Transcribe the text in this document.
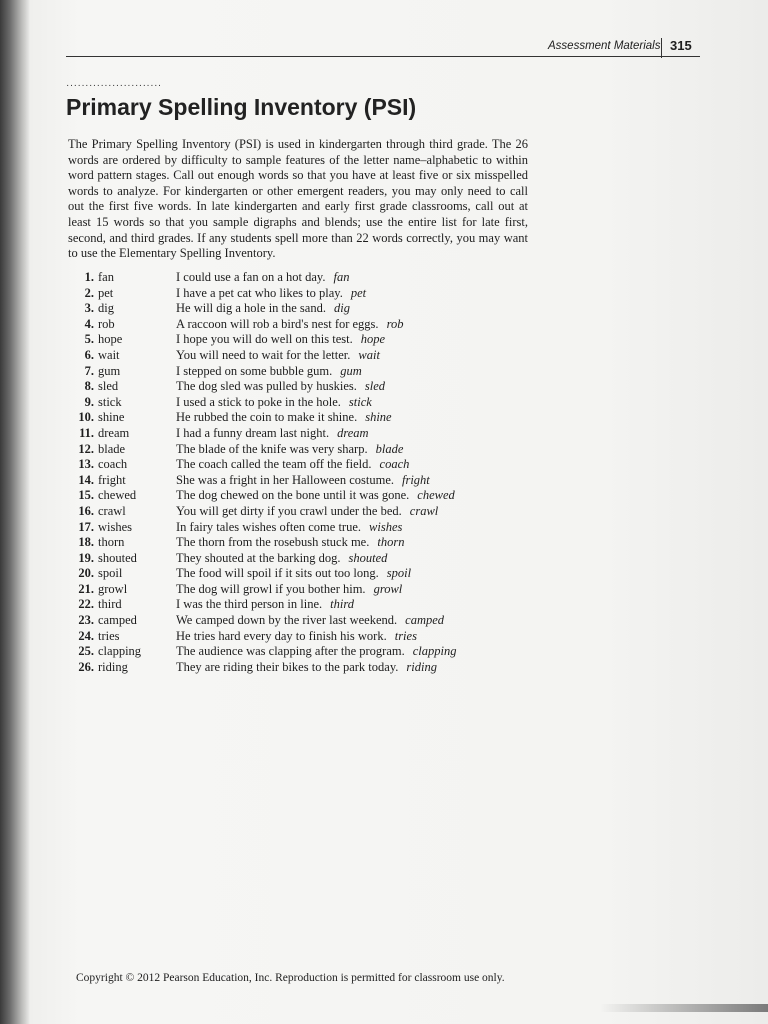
Assessment Materials 315
·························
Primary Spelling Inventory (PSI)

The Primary Spelling Inventory (PSI) is used in kindergarten through third grade. The 26 words are ordered by difficulty to sample features of the letter name–alphabetic to within word pattern stages. Call out enough words so that you have at least five or six misspelled words to analyze. For kindergarten or other emergent readers, you may only need to call out the first five words. In late kindergarten and early first grade classrooms, call out at least 15 words so that you sample digraphs and blends; use the entire list for late first, second, and third grades. If any students spell more than 22 words correctly, you may want to use the Elementary Spelling Inventory.

1. fan	I could use a fan on a hot day. fan
2. pet	I have a pet cat who likes to play. pet
3. dig	He will dig a hole in the sand. dig
4. rob	A raccoon will rob a bird's nest for eggs. rob
5. hope	I hope you will do well on this test. hope
6. wait	You will need to wait for the letter. wait
7. gum	I stepped on some bubble gum. gum
8. sled	The dog sled was pulled by huskies. sled
9. stick	I used a stick to poke in the hole. stick
10. shine	He rubbed the coin to make it shine. shine
11. dream	I had a funny dream last night. dream
12. blade	The blade of the knife was very sharp. blade
13. coach	The coach called the team off the field. coach
14. fright	She was a fright in her Halloween costume. fright
15. chewed	The dog chewed on the bone until it was gone. chewed
16. crawl	You will get dirty if you crawl under the bed. crawl
17. wishes	In fairy tales wishes often come true. wishes
18. thorn	The thorn from the rosebush stuck me. thorn
19. shouted	They shouted at the barking dog. shouted
20. spoil	The food will spoil if it sits out too long. spoil
21. growl	The dog will growl if you bother him. growl
22. third	I was the third person in line. third
23. camped	We camped down by the river last weekend. camped
24. tries	He tries hard every day to finish his work. tries
25. clapping	The audience was clapping after the program. clapping
26. riding	They are riding their bikes to the park today. riding
Copyright © 2012 Pearson Education, Inc. Reproduction is permitted for classroom use only.
